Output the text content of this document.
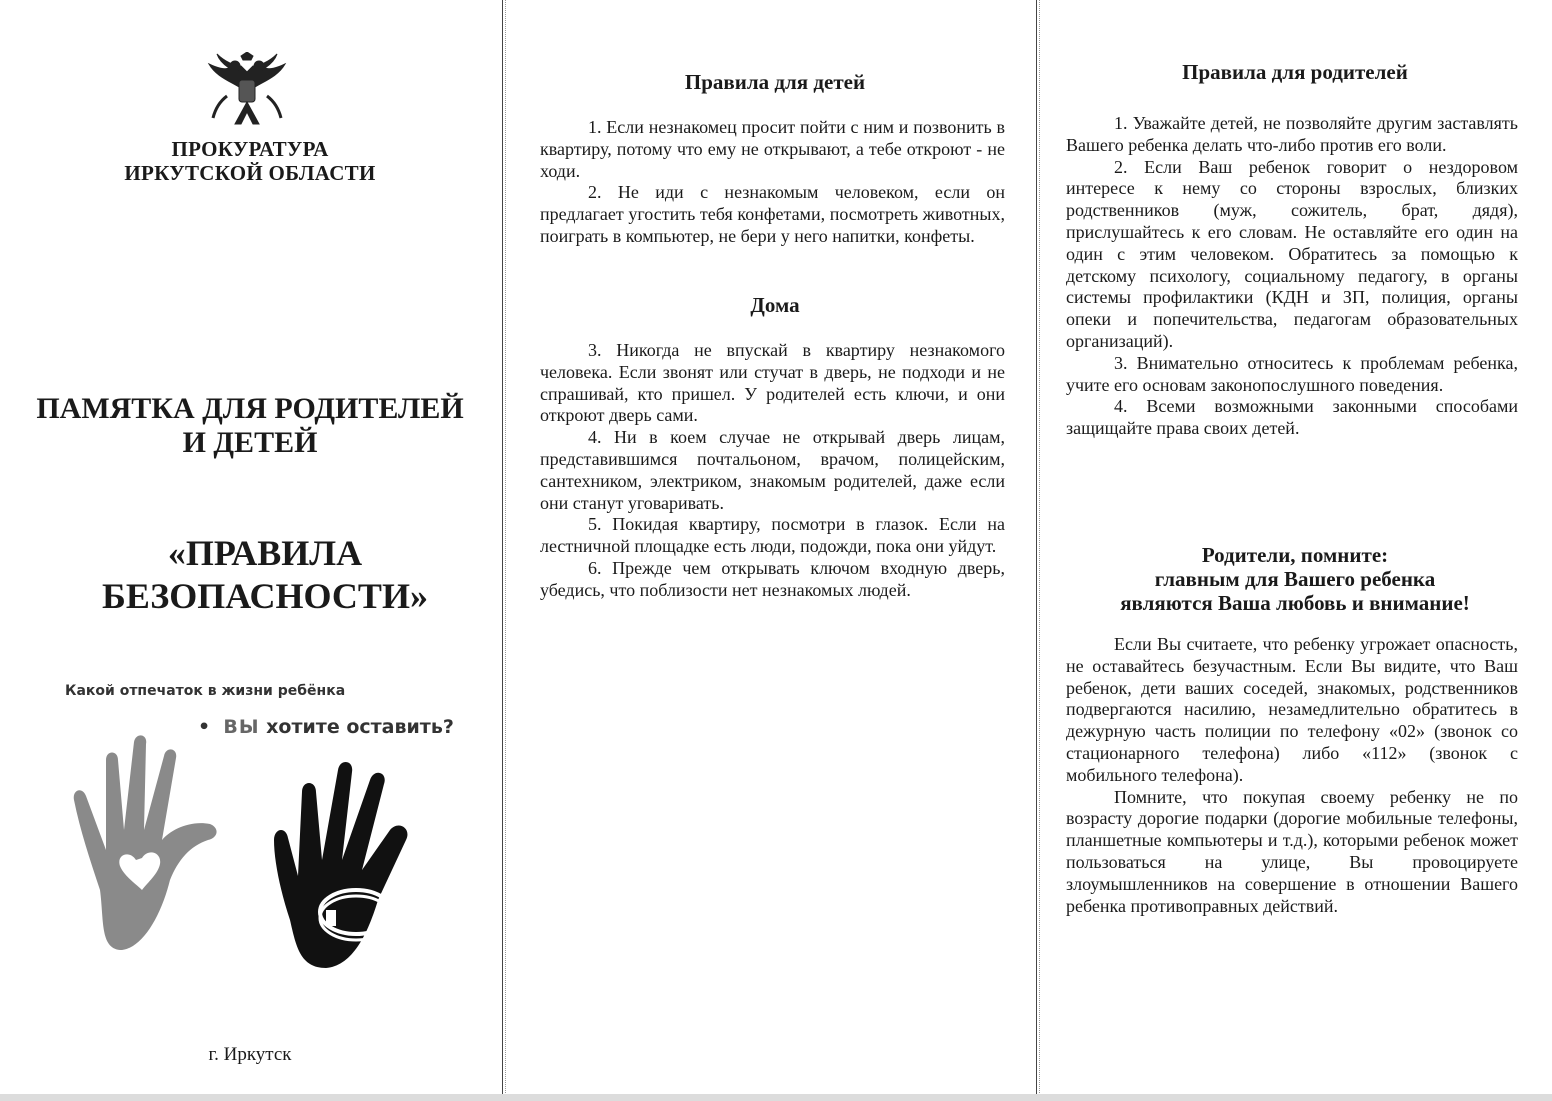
ПРОКУРАТУРА
ИРКУТСКОЙ ОБЛАСТИ
ПАМЯТКА ДЛЯ РОДИТЕЛЕЙ
И ДЕТЕЙ
«ПРАВИЛА
БЕЗОПАСНОСТИ»
Какой отпечаток в жизни ребёнка
•  ВЫ хотите оставить?
г. Иркутск
Правила для детей

1. Если незнакомец просит пойти с ним и позвонить в квартиру, потому что ему не открывают, а тебе откроют - не ходи.

2. Не иди с незнакомым человеком, если он предлагает угостить тебя конфетами, посмотреть животных, поиграть в компьютер, не бери у него напитки, конфеты.

Дома

3. Никогда не впускай в квартиру незнакомого человека. Если звонят или стучат в дверь, не подходи и не спрашивай, кто пришел. У родителей есть ключи, и они откроют дверь сами.

4. Ни в коем случае не открывай дверь лицам, представившимся почтальоном, врачом, полицейским, сантехником, электриком, знакомым родителей, даже если они станут уговаривать.

5. Покидая квартиру, посмотри в глазок. Если на лестничной площадке есть люди, подожди, пока они уйдут.

6. Прежде чем открывать ключом входную дверь, убедись, что поблизости нет незнакомых людей.

Правила для родителей

1. Уважайте детей, не позволяйте другим заставлять Вашего ребенка делать что-либо против его воли.

2. Если Ваш ребенок говорит о нездоровом интересе к нему со стороны взрослых, близких родственников (муж, сожитель, брат, дядя), прислушайтесь к его словам. Не оставляйте его один на один с этим человеком. Обратитесь за помощью к детскому психологу, социальному педагогу, в органы системы профилактики (КДН и ЗП, полиция, органы опеки и попечительства, педагогам образовательных организаций).

3. Внимательно относитесь к проблемам ребенка, учите его основам законопослушного поведения.

4. Всеми возможными законными способами защищайте права своих детей.

Родители, помните:
главным для Вашего ребенка
являются Ваша любовь и внимание!

Если Вы считаете, что ребенку угрожает опасность, не оставайтесь безучастным. Если Вы видите, что Ваш ребенок, дети ваших соседей, знакомых, родственников подвергаются насилию, незамедлительно обратитесь в дежурную часть полиции по телефону «02» (звонок со стационарного телефона) либо «112» (звонок с мобильного телефона).

Помните, что покупая своему ребенку не по возрасту дорогие подарки (дорогие мобильные телефоны, планшетные компьютеры и т.д.), которыми ребенок может пользоваться на улице, Вы провоцируете злоумышленников на совершение в отношении Вашего ребенка противоправных действий.
